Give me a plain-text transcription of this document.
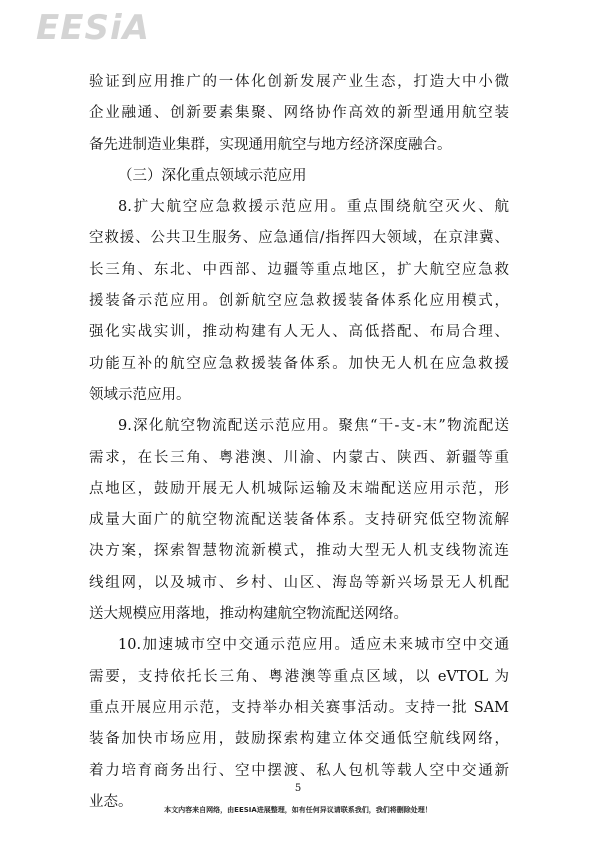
EESiA
验证到应用推广的一体化创新发展产业生态，打造大中小微
企业融通、创新要素集聚、网络协作高效的新型通用航空装
备先进制造业集群，实现通用航空与地方经济深度融合。
（三）深化重点领域示范应用
8.扩大航空应急救援示范应用。重点围绕航空灭火、航
空救援、公共卫生服务、应急通信/指挥四大领域，在京津冀、
长三角、东北、中西部、边疆等重点地区，扩大航空应急救
援装备示范应用。创新航空应急救援装备体系化应用模式，
强化实战实训，推动构建有人无人、高低搭配、布局合理、
功能互补的航空应急救援装备体系。加快无人机在应急救援
领域示范应用。
9.深化航空物流配送示范应用。聚焦“干-支-末”物流配送
需求，在长三角、粤港澳、川渝、内蒙古、陕西、新疆等重
点地区，鼓励开展无人机城际运输及末端配送应用示范，形
成量大面广的航空物流配送装备体系。支持研究低空物流解
决方案，探索智慧物流新模式，推动大型无人机支线物流连
线组网，以及城市、乡村、山区、海岛等新兴场景无人机配
送大规模应用落地，推动构建航空物流配送网络。
10.加速城市空中交通示范应用。适应未来城市空中交通
需要，支持依托长三角、粤港澳等重点区域，以 eVTOL 为
重点开展应用示范，支持举办相关赛事活动。支持一批 SAM
装备加快市场应用，鼓励探索构建立体交通低空航线网络，
着力培育商务出行、空中摆渡、私人包机等载人空中交通新
业态。
5
本文内容来自网络，由EESIA进展整理，如有任何异议请联系我们，我们将删除处理！
